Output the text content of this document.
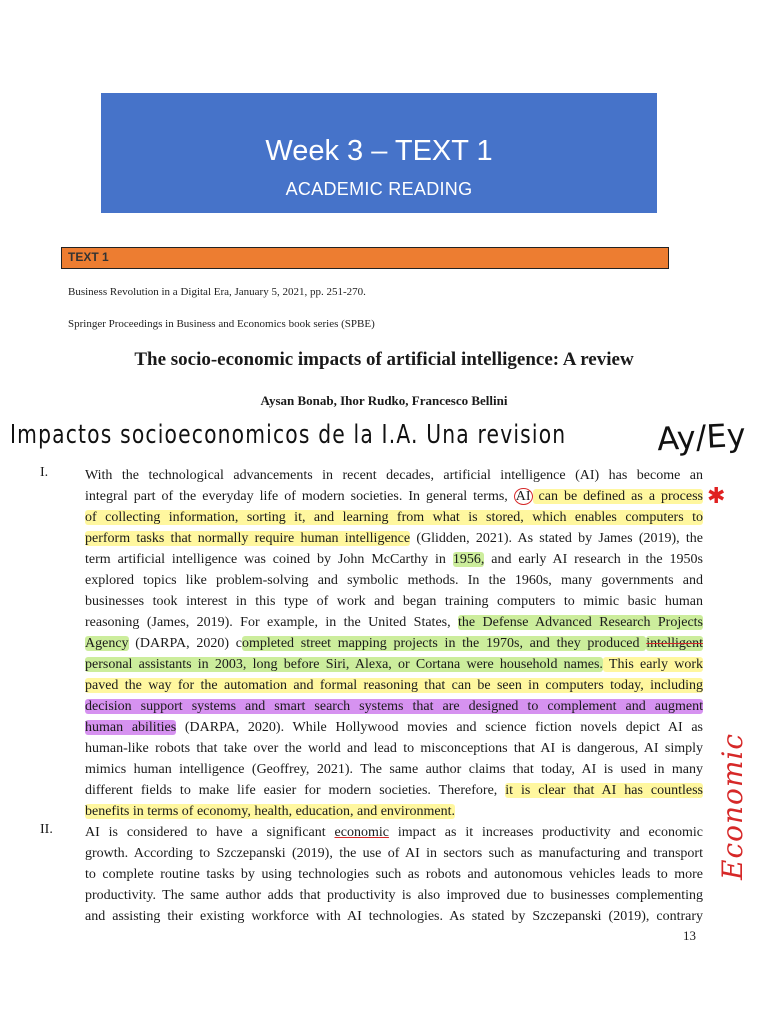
Week 3 – TEXT 1
ACADEMIC READING
TEXT 1
Business Revolution in a Digital Era, January 5, 2021, pp. 251-270.
Springer Proceedings in Business and Economics book series (SPBE)
The socio-economic impacts of artificial intelligence: A review
Aysan Bonab, Ihor Rudko, Francesco Bellini
Impactos socioeconomicos de la I.A. Una revision	Ay/Ey
I.	With the technological advancements in recent decades, artificial intelligence (AI) has become an
integral part of the everyday life of modern societies. In general terms, AI can be defined as a process ✱
of collecting information, sorting it, and learning from what is stored, which enables computers to
perform tasks that normally require human intelligence (Glidden, 2021). As stated by James (2019), the
term artificial intelligence was coined by John McCarthy in 1956, and early AI research in the 1950s
explored topics like problem-solving and symbolic methods. In the 1960s, many governments and
businesses took interest in this type of work and began training computers to mimic basic human
reasoning (James, 2019). For example, in the United States, the Defense Advanced Research Projects
Agency (DARPA, 2020) completed street mapping projects in the 1970s, and they produced intelligent
personal assistants in 2003, long before Siri, Alexa, or Cortana were household names. This early work
paved the way for the automation and formal reasoning that can be seen in computers today, including
decision support systems and smart search systems that are designed to complement and augment
human abilities (DARPA, 2020). While Hollywood movies and science fiction novels depict AI as
human-like robots that take over the world and lead to misconceptions that AI is dangerous, AI simply
mimics human intelligence (Geoffrey, 2021). The same author claims that today, AI is used in many
different fields to make life easier for modern societies. Therefore, it is clear that AI has countless
benefits in terms of economy, health, education, and environment.
II. AI is considered to have a significant economic impact as it increases productivity and economic
growth. According to Szczepanski (2019), the use of AI in sectors such as manufacturing and transport
to complete routine tasks by using technologies such as robots and autonomous vehicles leads to more
productivity. The same author adds that productivity is also improved due to businesses complementing
and assisting their existing workforce with AI technologies. As stated by Szczepanski (2019), contrary
Economic
13
